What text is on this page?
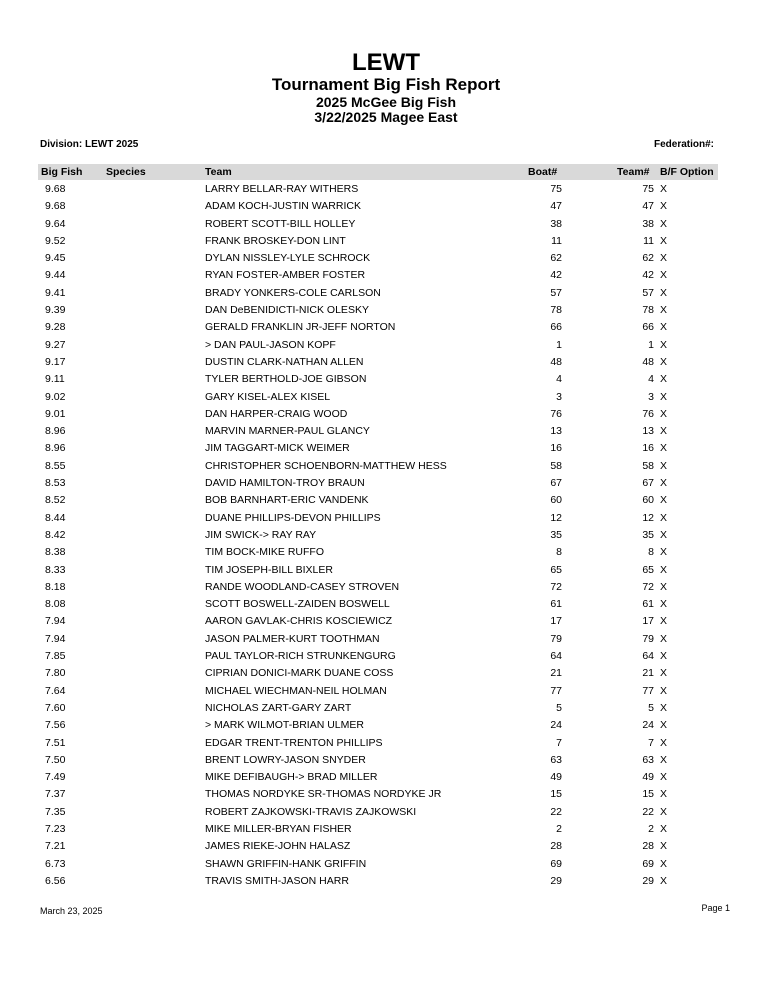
LEWT
Tournament Big Fish Report
2025 McGee Big Fish
3/22/2025 Magee East
Division: LEWT 2025	Federation#:
Big Fish Species	Team	Boat#	Team# B/F Option
9.68	LARRY BELLAR-RAY WITHERS	75	75 X
9.68	ADAM KOCH-JUSTIN WARRICK	47	47 X
9.64	ROBERT SCOTT-BILL HOLLEY	38	38 X
9.52	FRANK BROSKEY-DON LINT	11	11 X
9.45	DYLAN NISSLEY-LYLE SCHROCK	62	62 X
9.44	RYAN FOSTER-AMBER FOSTER	42	42 X
9.41	BRADY YONKERS-COLE CARLSON	57	57 X
9.39	DAN DeBENIDICTI-NICK OLESKY	78	78 X
9.28	GERALD FRANKLIN JR-JEFF NORTON	66	66 X
9.27	> DAN PAUL-JASON KOPF	1	1 X
9.17	DUSTIN CLARK-NATHAN ALLEN	48	48 X
9.11	TYLER BERTHOLD-JOE GIBSON	4	4 X
9.02	GARY KISEL-ALEX KISEL	3	3 X
9.01	DAN HARPER-CRAIG WOOD	76	76 X
8.96	MARVIN MARNER-PAUL GLANCY	13	13 X
8.96	JIM TAGGART-MICK WEIMER	16	16 X
8.55	CHRISTOPHER SCHOENBORN-MATTHEW HESS	58	58 X
8.53	DAVID HAMILTON-TROY BRAUN	67	67 X
8.52	BOB BARNHART-ERIC VANDENK	60	60 X
8.44	DUANE PHILLIPS-DEVON PHILLIPS	12	12 X
8.42	JIM SWICK-> RAY RAY	35	35 X
8.38	TIM BOCK-MIKE RUFFO	8	8 X
8.33	TIM JOSEPH-BILL BIXLER	65	65 X
8.18	RANDE WOODLAND-CASEY STROVEN	72	72 X
8.08	SCOTT BOSWELL-ZAIDEN BOSWELL	61	61 X
7.94	AARON GAVLAK-CHRIS KOSCIEWICZ	17	17 X
7.94	JASON PALMER-KURT TOOTHMAN	79	79 X
7.85	PAUL TAYLOR-RICH STRUNKENGURG	64	64 X
7.80	CIPRIAN DONICI-MARK DUANE COSS	21	21 X
7.64	MICHAEL WIECHMAN-NEIL HOLMAN	77	77 X
7.60	NICHOLAS ZART-GARY ZART	5	5 X
7.56	> MARK WILMOT-BRIAN ULMER	24	24 X
7.51	EDGAR TRENT-TRENTON PHILLIPS	7	7 X
7.50	BRENT LOWRY-JASON SNYDER	63	63 X
7.49	MIKE DEFIBAUGH-> BRAD MILLER	49	49 X
7.37	THOMAS NORDYKE SR-THOMAS NORDYKE JR	15	15 X
7.35	ROBERT ZAJKOWSKI-TRAVIS ZAJKOWSKI	22	22 X
7.23	MIKE MILLER-BRYAN FISHER	2	2 X
7.21	JAMES RIEKE-JOHN HALASZ	28	28 X
6.73	SHAWN GRIFFIN-HANK GRIFFIN	69	69 X
6.56	TRAVIS SMITH-JASON HARR	29	29 X
March 23, 2025	Page 1
